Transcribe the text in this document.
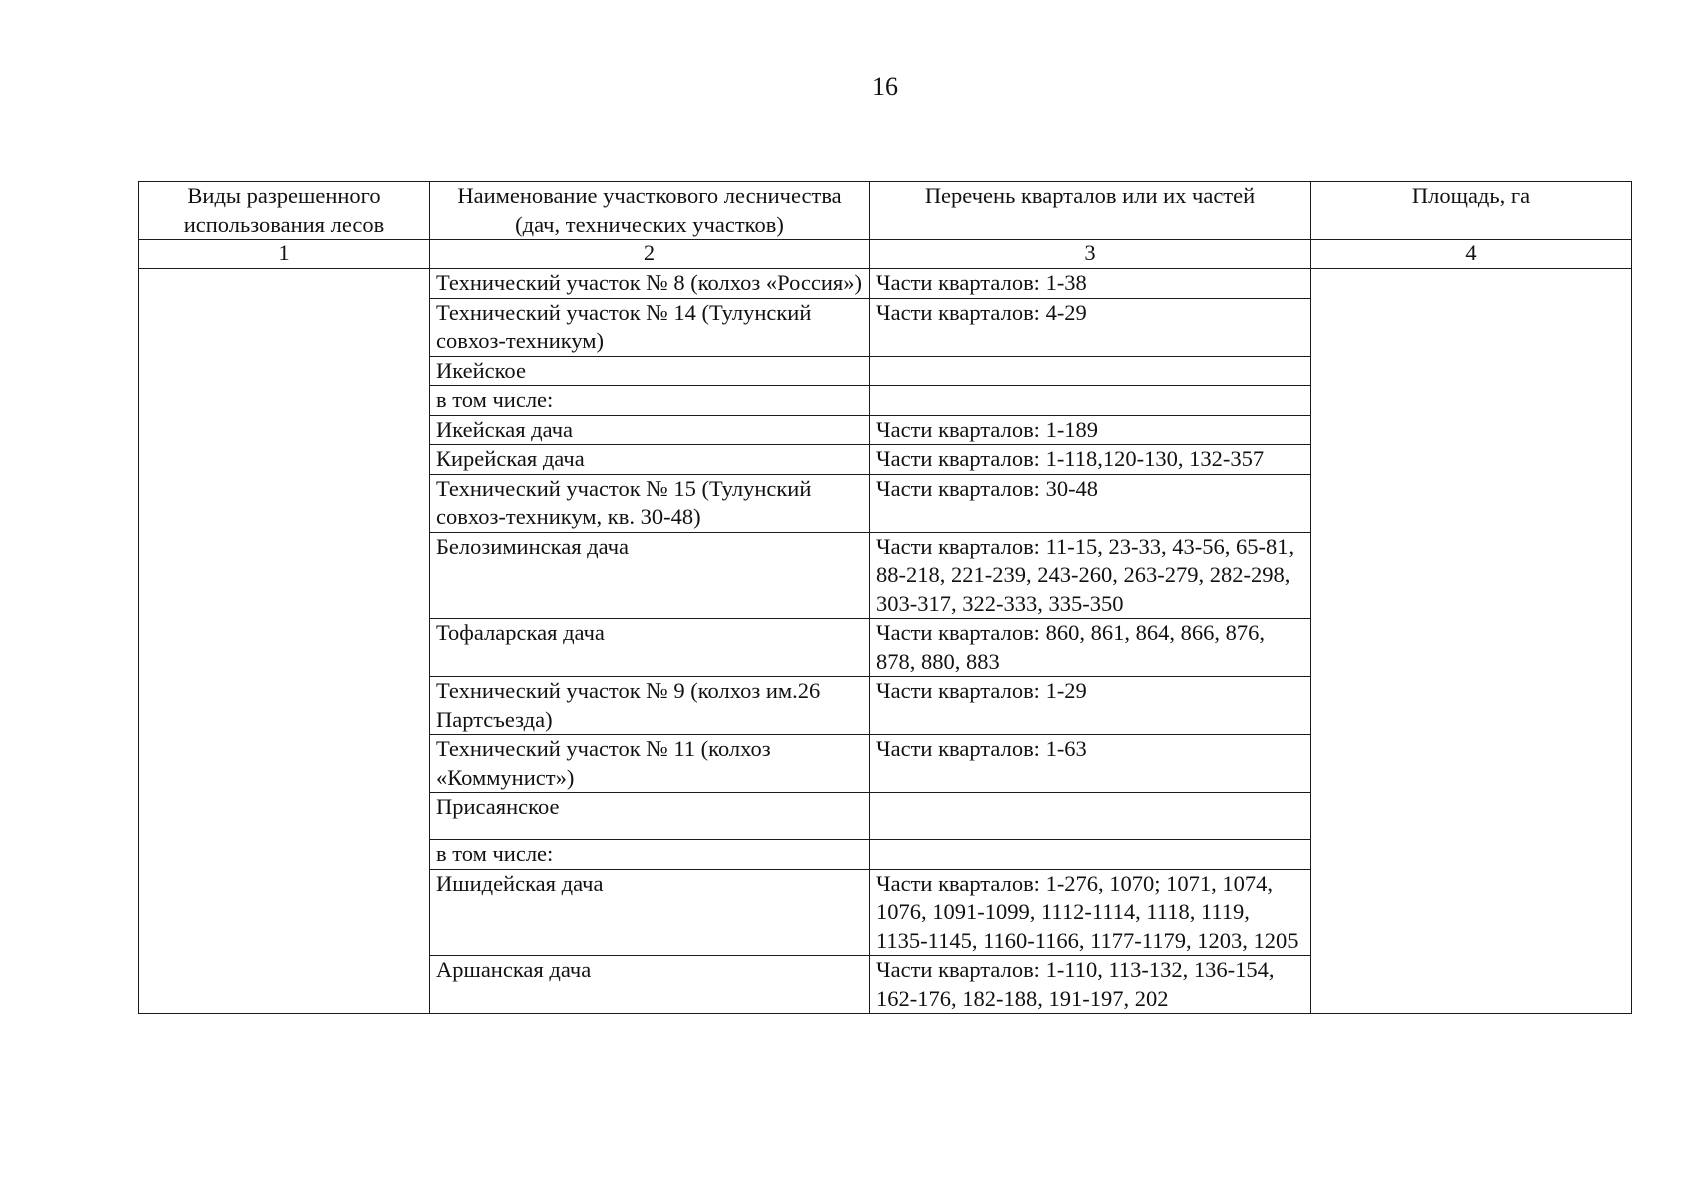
16
Виды разрешенного использования лесов	Наименование участкового лесничества (дач, технических участков)	Перечень кварталов или их частей	Площадь, га
1	2	3	4
	Технический участок № 8 (колхоз «Россия»)	Части кварталов: 1-38	
	Технический участок № 14 (Тулунский совхоз-техникум)	Части кварталов: 4-29	
	Икейское		
	в том числе:		
	Икейская дача	Части кварталов: 1-189	
	Кирейская дача	Части кварталов: 1-118,120-130, 132-357	
	Технический участок № 15 (Тулунский совхоз-техникум, кв. 30-48)	Части кварталов: 30-48	
	Белозиминская дача	Части кварталов: 11-15, 23-33, 43-56, 65-81, 88-218, 221-239, 243-260, 263-279, 282-298, 303-317, 322-333, 335-350	
	Тофаларская дача	Части кварталов: 860, 861, 864, 866, 876, 878, 880, 883	
	Технический участок № 9 (колхоз им.26 Партсъезда)	Части кварталов: 1-29	
	Технический участок № 11 (колхоз «Коммунист»)	Части кварталов: 1-63	
	Присаянское		
	в том числе:		
	Ишидейская дача	Части кварталов: 1-276, 1070; 1071, 1074, 1076, 1091-1099, 1112-1114, 1118, 1119, 1135-1145, 1160-1166, 1177-1179, 1203, 1205	
	Аршанская дача	Части кварталов: 1-110, 113-132, 136-154, 162-176, 182-188, 191-197, 202	
